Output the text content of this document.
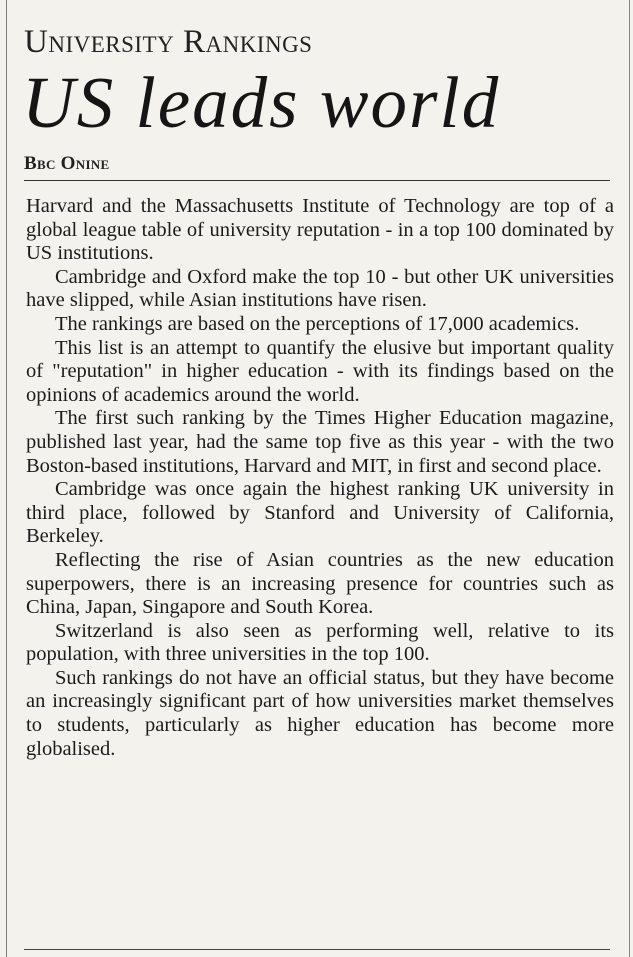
University Rankings
US leads world
Bbc Onine

Harvard and the Massachusetts Institute of Technology are top of a global league table of university reputation - in a top 100 dominated by US institutions.

Cambridge and Oxford make the top 10 - but other UK universities have slipped, while Asian institutions have risen.

The rankings are based on the perceptions of 17,000 academics.

This list is an attempt to quantify the elusive but important quality of "reputation" in higher education - with its findings based on the opinions of academics around the world.

The first such ranking by the Times Higher Education magazine, published last year, had the same top five as this year - with the two Boston-based institutions, Harvard and MIT, in first and second place.

Cambridge was once again the highest ranking UK university in third place, followed by Stanford and University of California, Berkeley.

Reflecting the rise of Asian countries as the new education superpowers, there is an increasing presence for countries such as China, Japan, Singapore and South Korea.

Switzerland is also seen as performing well, relative to its population, with three universities in the top 100.

Such rankings do not have an official status, but they have become an increasingly significant part of how universities market themselves to students, particularly as higher education has become more globalised.
